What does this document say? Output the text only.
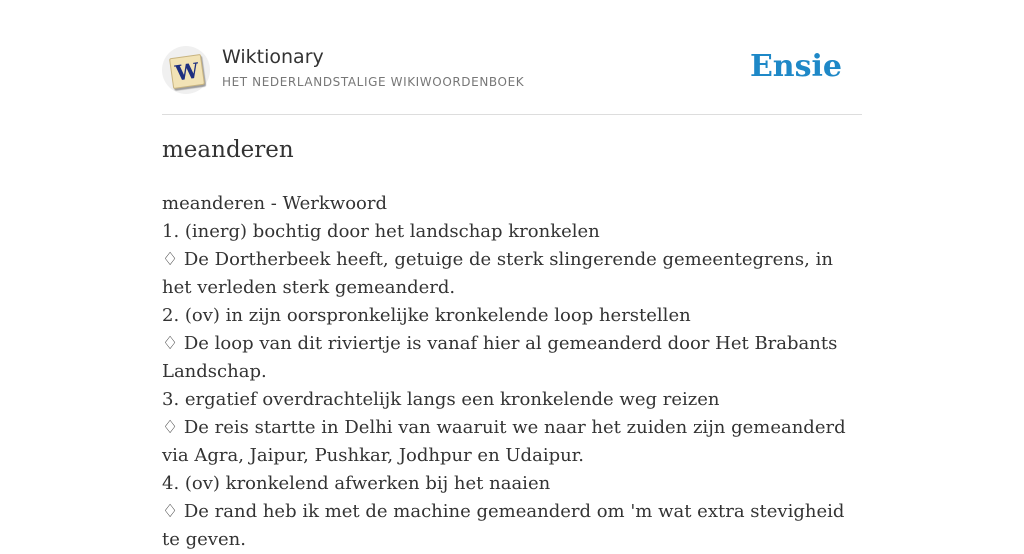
W
Wiktionary
HET NEDERLANDSTALIGE WIKIWOORDENBOEK	Ensie
meanderen
meanderen - Werkwoord
1. (inerg) bochtig door het landschap kronkelen
♢ De Dortherbeek heeft, getuige de sterk slingerende gemeentegrens, in het verleden sterk gemeanderd.
2. (ov) in zijn oorspronkelijke kronkelende loop herstellen
♢ De loop van dit riviertje is vanaf hier al gemeanderd door Het Brabants Landschap.
3. ergatief overdrachtelijk langs een kronkelende weg reizen
♢ De reis startte in Delhi van waaruit we naar het zuiden zijn gemeanderd via Agra, Jaipur, Pushkar, Jodhpur en Udaipur.
4. (ov) kronkelend afwerken bij het naaien
♢ De rand heb ik met de machine gemeanderd om 'm wat extra stevigheid te geven.
